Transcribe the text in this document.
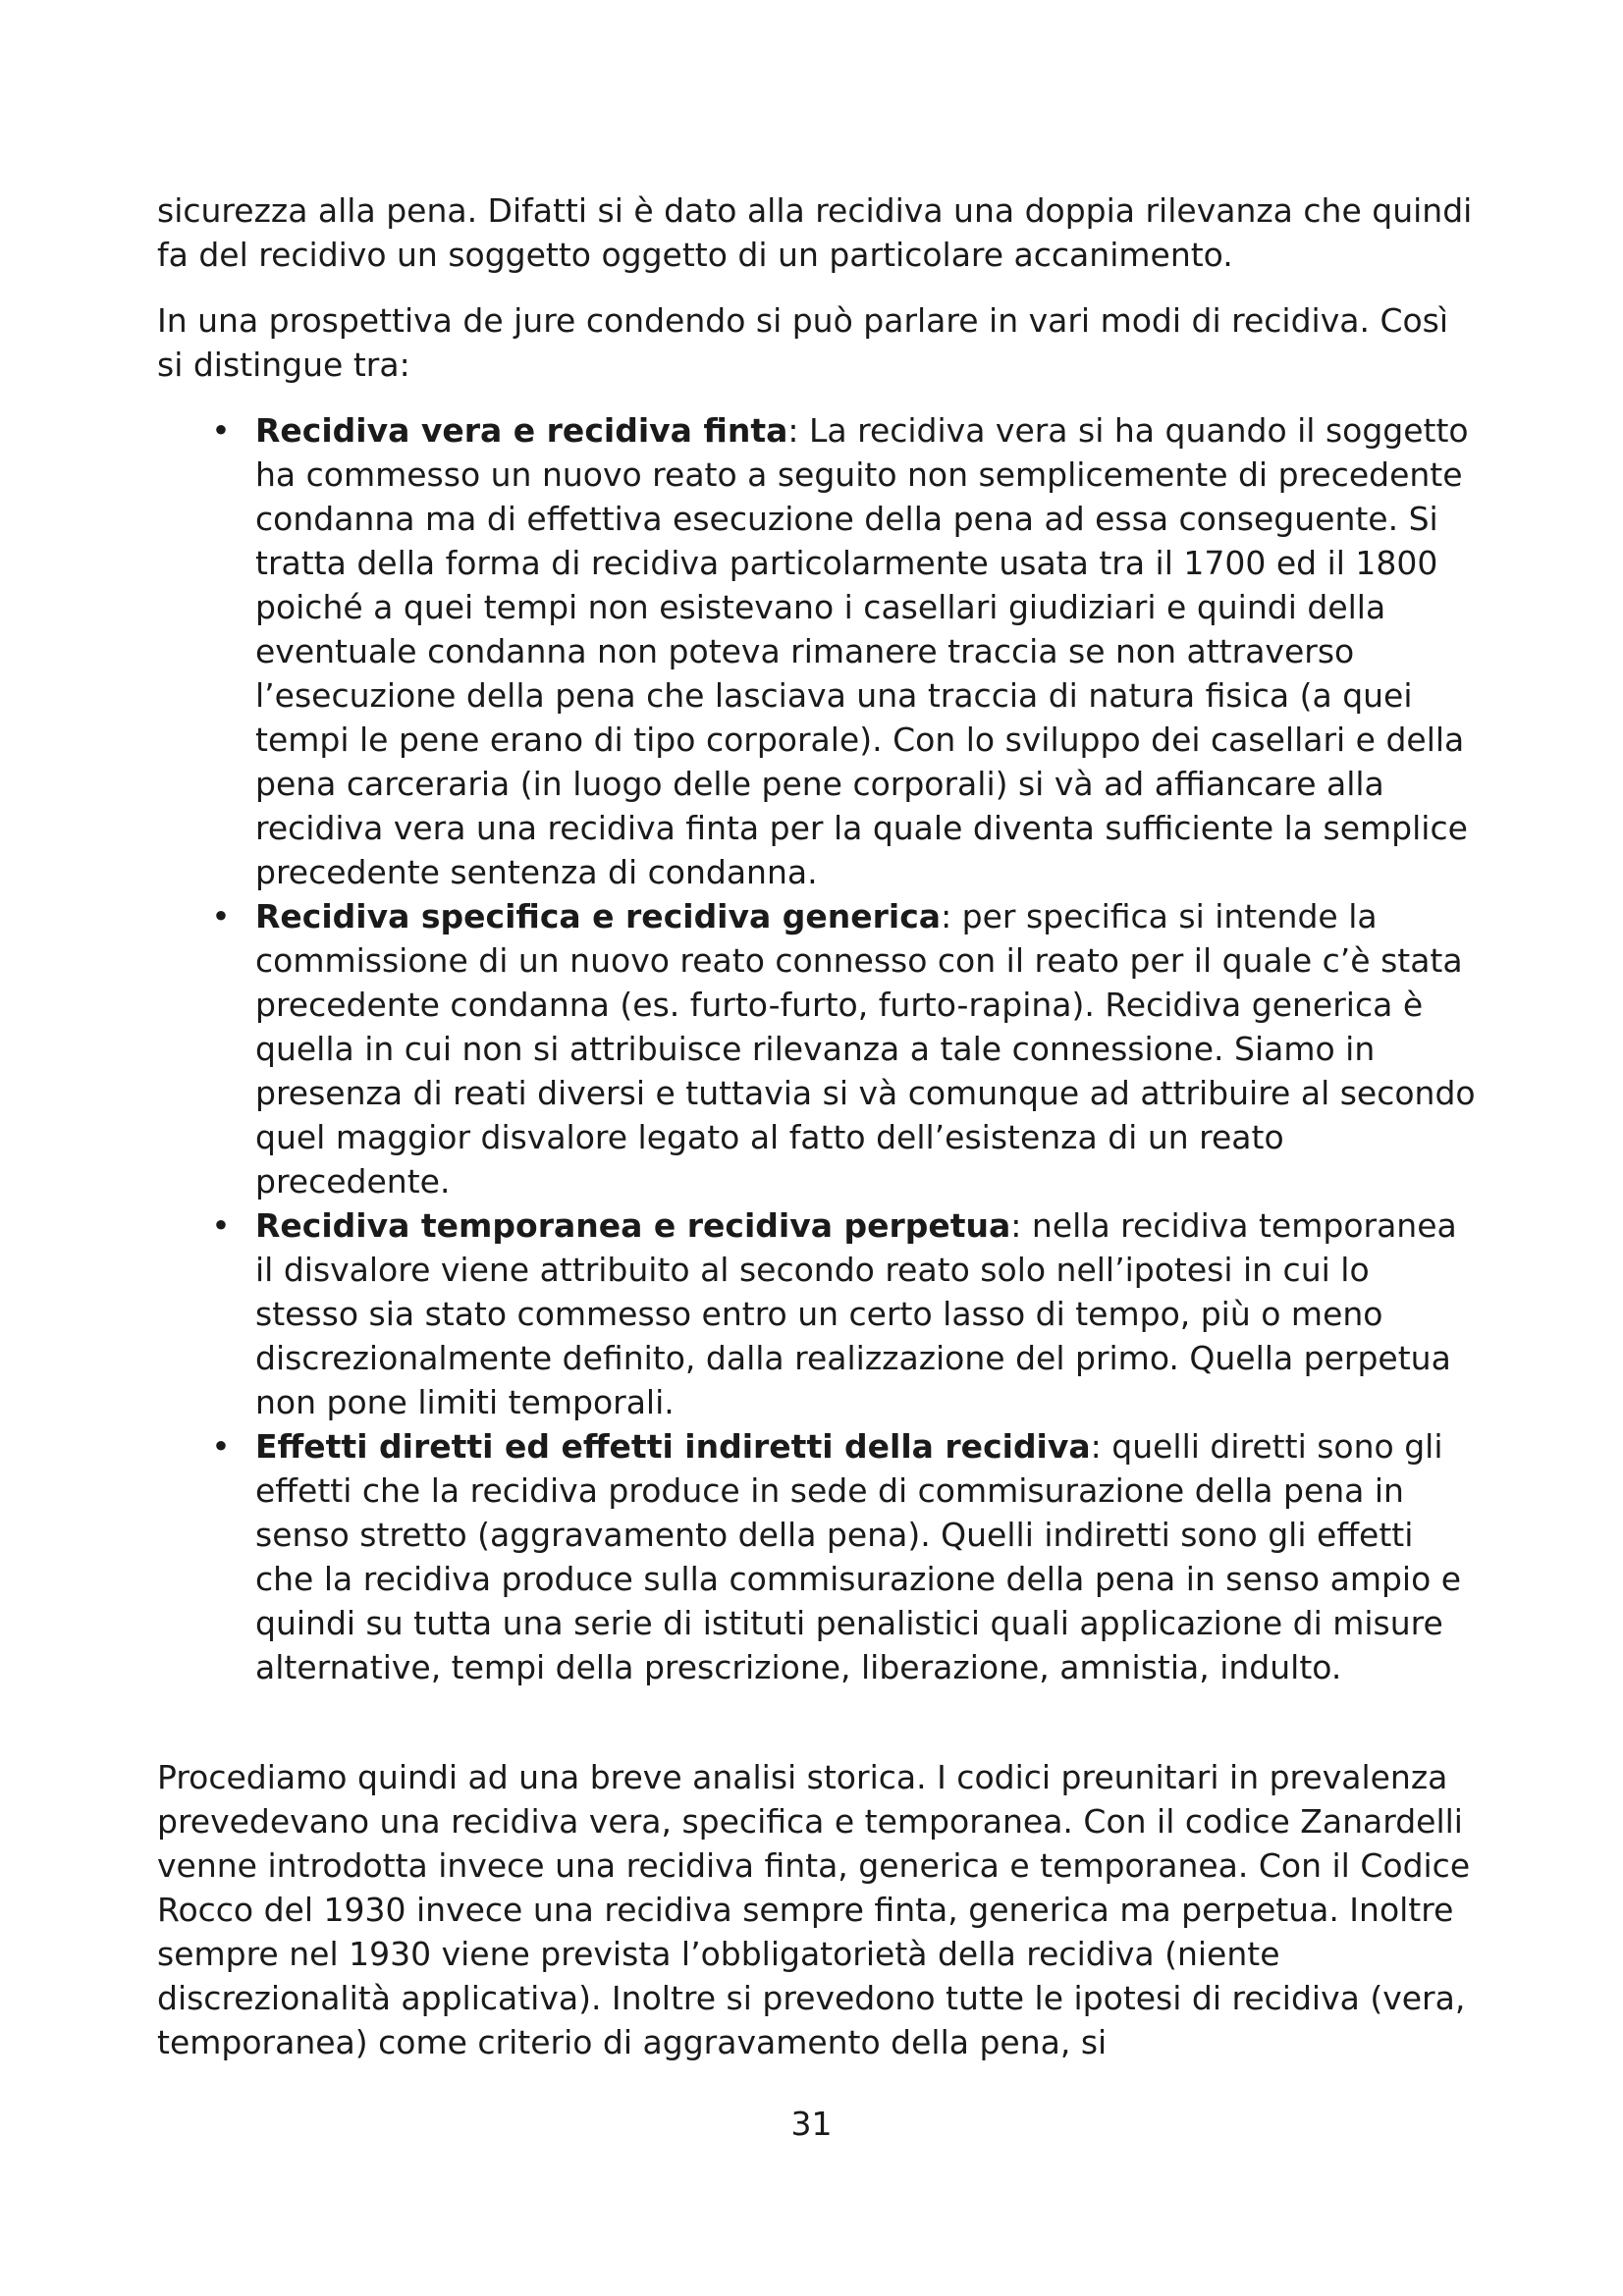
sicurezza alla pena. Difatti si è dato alla recidiva una doppia rilevanza che quindi fa del recidivo un soggetto oggetto di un particolare accanimento.

In una prospettiva de jure condendo si può parlare in vari modi di recidiva. Così si distingue tra:

• Recidiva vera e recidiva finta: La recidiva vera si ha quando il soggetto ha commesso un nuovo reato a seguito non semplicemente di precedente condanna ma di effettiva esecuzione della pena ad essa conseguente. Si tratta della forma di recidiva particolarmente usata tra il 1700 ed il 1800 poiché a quei tempi non esistevano i casellari giudiziari e quindi della eventuale condanna non poteva rimanere traccia se non attraverso l’esecuzione della pena che lasciava una traccia di natura fisica (a quei tempi le pene erano di tipo corporale). Con lo sviluppo dei casellari e della pena carceraria (in luogo delle pene corporali) si và ad affiancare alla recidiva vera una recidiva finta per la quale diventa sufficiente la semplice precedente sentenza di condanna.
• Recidiva specifica e recidiva generica: per specifica si intende la commissione di un nuovo reato connesso con il reato per il quale c’è stata precedente condanna (es. furto-furto, furto-rapina). Recidiva generica è quella in cui non si attribuisce rilevanza a tale connessione. Siamo in presenza di reati diversi e tuttavia si và comunque ad attribuire al secondo quel maggior disvalore legato al fatto dell’esistenza di un reato precedente.
• Recidiva temporanea e recidiva perpetua: nella recidiva temporanea il disvalore viene attribuito al secondo reato solo nell’ipotesi in cui lo stesso sia stato commesso entro un certo lasso di tempo, più o meno discrezionalmente definito, dalla realizzazione del primo. Quella perpetua non pone limiti temporali.
• Effetti diretti ed effetti indiretti della recidiva: quelli diretti sono gli effetti che la recidiva produce in sede di commisurazione della pena in senso stretto (aggravamento della pena). Quelli indiretti sono gli effetti che la recidiva produce sulla commisurazione della pena in senso ampio e quindi su tutta una serie di istituti penalistici quali applicazione di misure alternative, tempi della prescrizione, liberazione, amnistia, indulto.

Procediamo quindi ad una breve analisi storica. I codici preunitari in prevalenza prevedevano una recidiva vera, specifica e temporanea. Con il codice Zanardelli venne introdotta invece una recidiva finta, generica e temporanea. Con il Codice Rocco del 1930 invece una recidiva sempre finta, generica ma perpetua. Inoltre sempre nel 1930 viene prevista l’obbligatorietà della recidiva (niente discrezionalità applicativa). Inoltre si prevedono tutte le ipotesi di recidiva (vera, temporanea) come criterio di aggravamento della pena, si

31
